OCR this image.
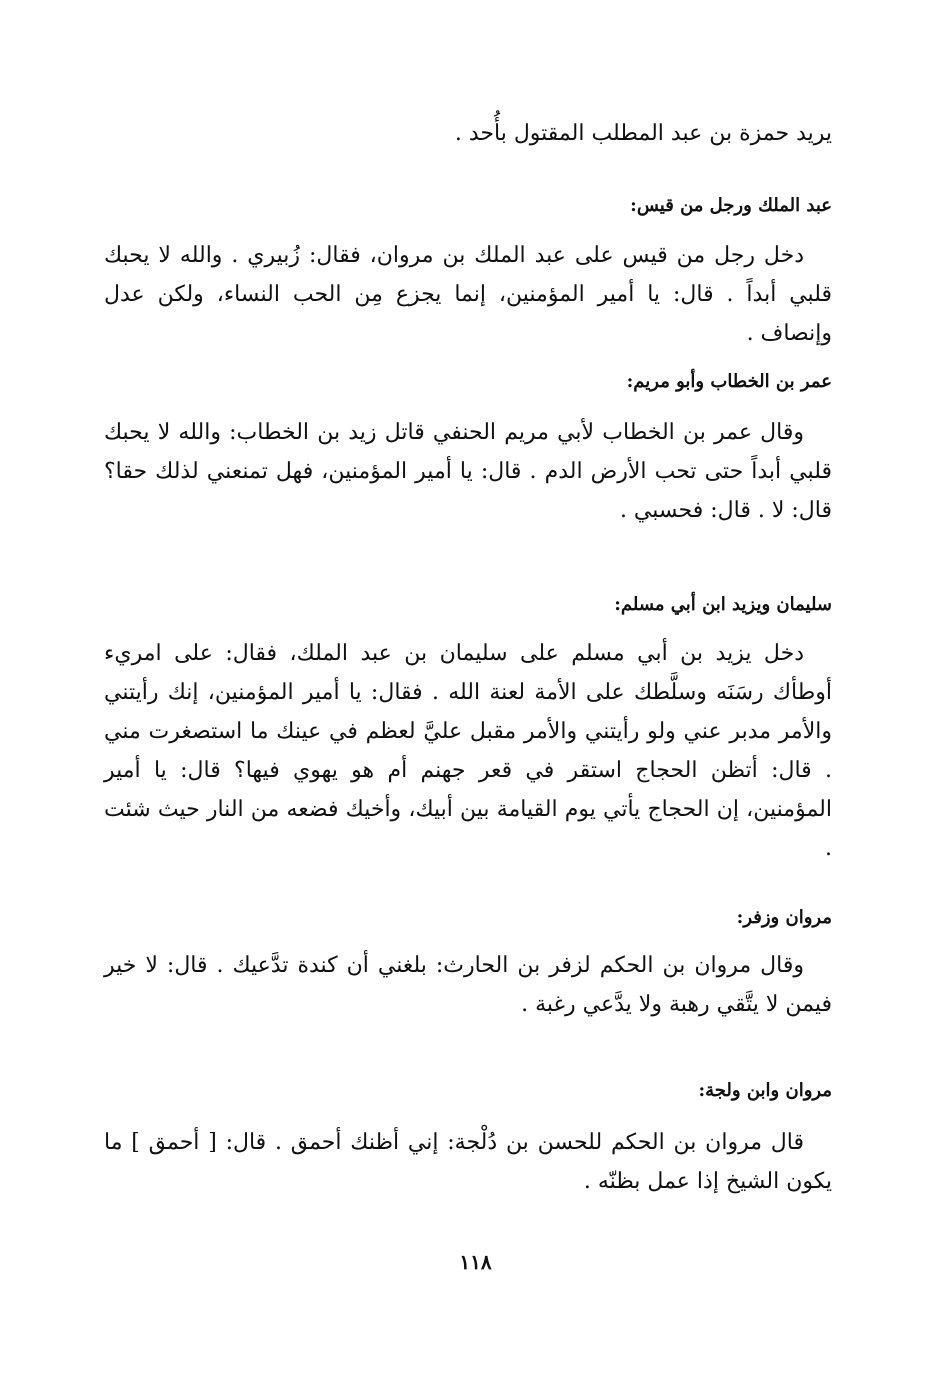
يريد حمزة بن عبد المطلب المقتول بأُحد .
عبد الملك ورجل من قيس:
دخل رجل من قيس على عبد الملك بن مروان، فقال: زُبيري . والله لا يحبك قلبي أبداً . قال: يا أمير المؤمنين، إنما يجزع مِن الحب النساء، ولكن عدل وإنصاف .
عمر بن الخطاب وأبو مريم:
وقال عمر بن الخطاب لأبي مريم الحنفي قاتل زيد بن الخطاب: والله لا يحبك قلبي أبداً حتى تحب الأرض الدم . قال: يا أمير المؤمنين، فهل تمنعني لذلك حقا؟ قال: لا . قال: فحسبي .
سليمان ويزيد ابن أبي مسلم:
دخل يزيد بن أبي مسلم على سليمان بن عبد الملك، فقال: على امريء أوطأك رسَنَه وسلَّطك على الأمة لعنة الله . فقال: يا أمير المؤمنين، إنك رأيتني والأمر مدبر عني ولو رأيتني والأمر مقبل عليَّ لعظم في عينك ما استصغرت مني . قال: أتظن الحجاج استقر في قعر جهنم أم هو يهوي فيها؟ قال: يا أمير المؤمنين، إن الحجاج يأتي يوم القيامة بين أبيك، وأخيك فضعه من النار حيث شئت .
مروان وزفر:
وقال مروان بن الحكم لزفر بن الحارث: بلغني أن كندة تدَّعيك . قال: لا خير فيمن لا يتَّقي رهبة ولا يدَّعي رغبة .
مروان وابن ولجة:
قال مروان بن الحكم للحسن بن دُلْجة: إني أظنك أحمق . قال: [ أحمق ] ما يكون الشيخ إذا عمل بظنّه .
١١٨
